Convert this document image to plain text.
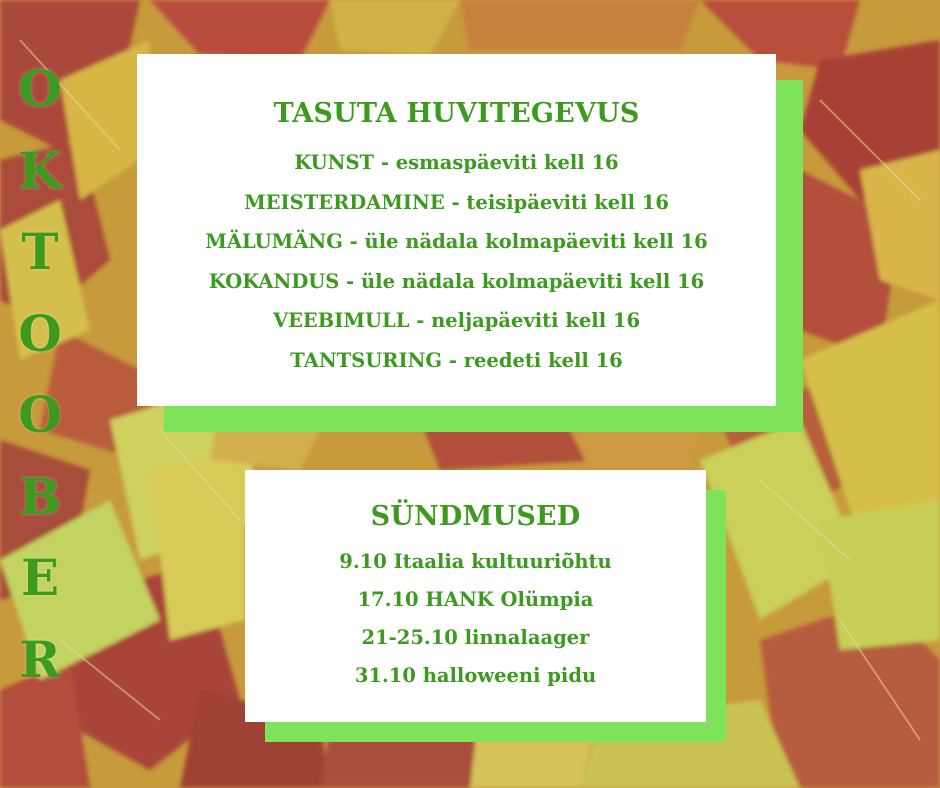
O
K
T
O
O
B
E
R
TASUTA HUVITEGEVUS
KUNST - esmaspäeviti kell 16
MEISTERDAMINE - teisipäeviti kell 16
MÄLUMÄNG - üle nädala kolmapäeviti kell 16
KOKANDUS - üle nädala kolmapäeviti kell 16
VEEBIMULL - neljapäeviti kell 16
TANTSURING - reedeti kell 16
SÜNDMUSED
9.10 Itaalia kultuuriõhtu
17.10 HANK Olümpia
21-25.10 linnalaager
31.10 halloweeni pidu
